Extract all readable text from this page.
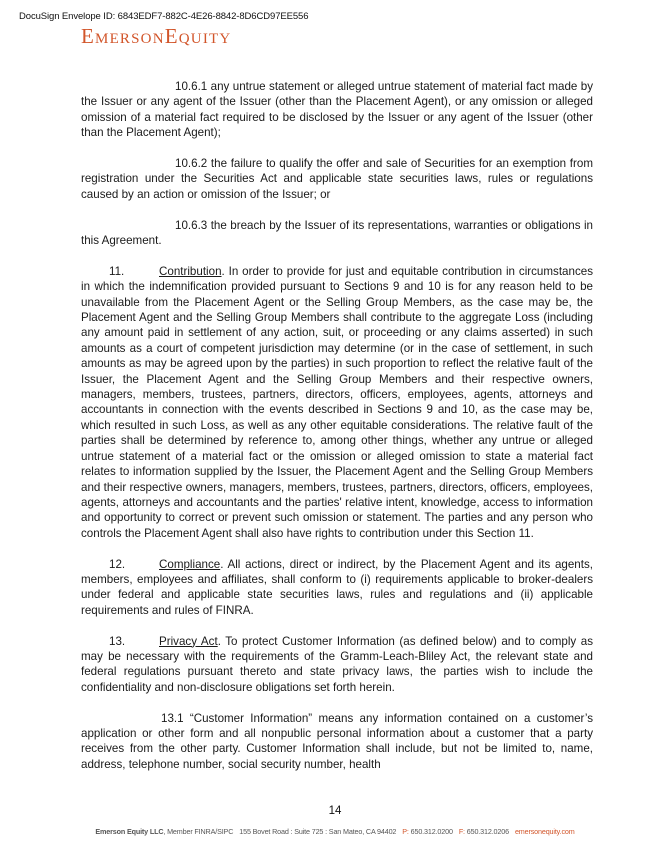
DocuSign Envelope ID: 6843EDF7-882C-4E26-8842-8D6CD97EE556
EmersonEquity

10.6.1 any untrue statement or alleged untrue statement of material fact made by the Issuer or any agent of the Issuer (other than the Placement Agent), or any omission or alleged omission of a material fact required to be disclosed by the Issuer or any agent of the Issuer (other than the Placement Agent);

10.6.2 the failure to qualify the offer and sale of Securities for an exemption from registration under the Securities Act and applicable state securities laws, rules or regulations caused by an action or omission of the Issuer; or

10.6.3 the breach by the Issuer of its representations, warranties or obligations in this Agreement.

11.	Contribution. In order to provide for just and equitable contribution in circumstances in which the indemnification provided pursuant to Sections 9 and 10 is for any reason held to be unavailable from the Placement Agent or the Selling Group Members, as the case may be, the Placement Agent and the Selling Group Members shall contribute to the aggregate Loss (including any amount paid in settlement of any action, suit, or proceeding or any claims asserted) in such amounts as a court of competent jurisdiction may determine (or in the case of settlement, in such amounts as may be agreed upon by the parties) in such proportion to reflect the relative fault of the Issuer, the Placement Agent and the Selling Group Members and their respective owners, managers, members, trustees, partners, directors, officers, employees, agents, attorneys and accountants in connection with the events described in Sections 9 and 10, as the case may be, which resulted in such Loss, as well as any other equitable considerations. The relative fault of the parties shall be determined by reference to, among other things, whether any untrue or alleged untrue statement of a material fact or the omission or alleged omission to state a material fact relates to information supplied by the Issuer, the Placement Agent and the Selling Group Members and their respective owners, managers, members, trustees, partners, directors, officers, employees, agents, attorneys and accountants and the parties' relative intent, knowledge, access to information and opportunity to correct or prevent such omission or statement. The parties and any person who controls the Placement Agent shall also have rights to contribution under this Section 11.

12.	Compliance. All actions, direct or indirect, by the Placement Agent and its agents, members, employees and affiliates, shall conform to (i) requirements applicable to broker-dealers under federal and applicable state securities laws, rules and regulations and (ii) applicable requirements and rules of FINRA.

13.	Privacy Act. To protect Customer Information (as defined below) and to comply as may be necessary with the requirements of the Gramm-Leach-Bliley Act, the relevant state and federal regulations pursuant thereto and state privacy laws, the parties wish to include the confidentiality and non-disclosure obligations set forth herein.

13.1 “Customer Information” means any information contained on a customer’s application or other form and all nonpublic personal information about a customer that a party receives from the other party. Customer Information shall include, but not be limited to, name, address, telephone number, social security number, health

14
Emerson Equity LLC, Member FINRA/SIPC 155 Bovet Road : Suite 725 : San Mateo, CA 94402 P: 650.312.0200 F: 650.312.0206 emersonequity.com
